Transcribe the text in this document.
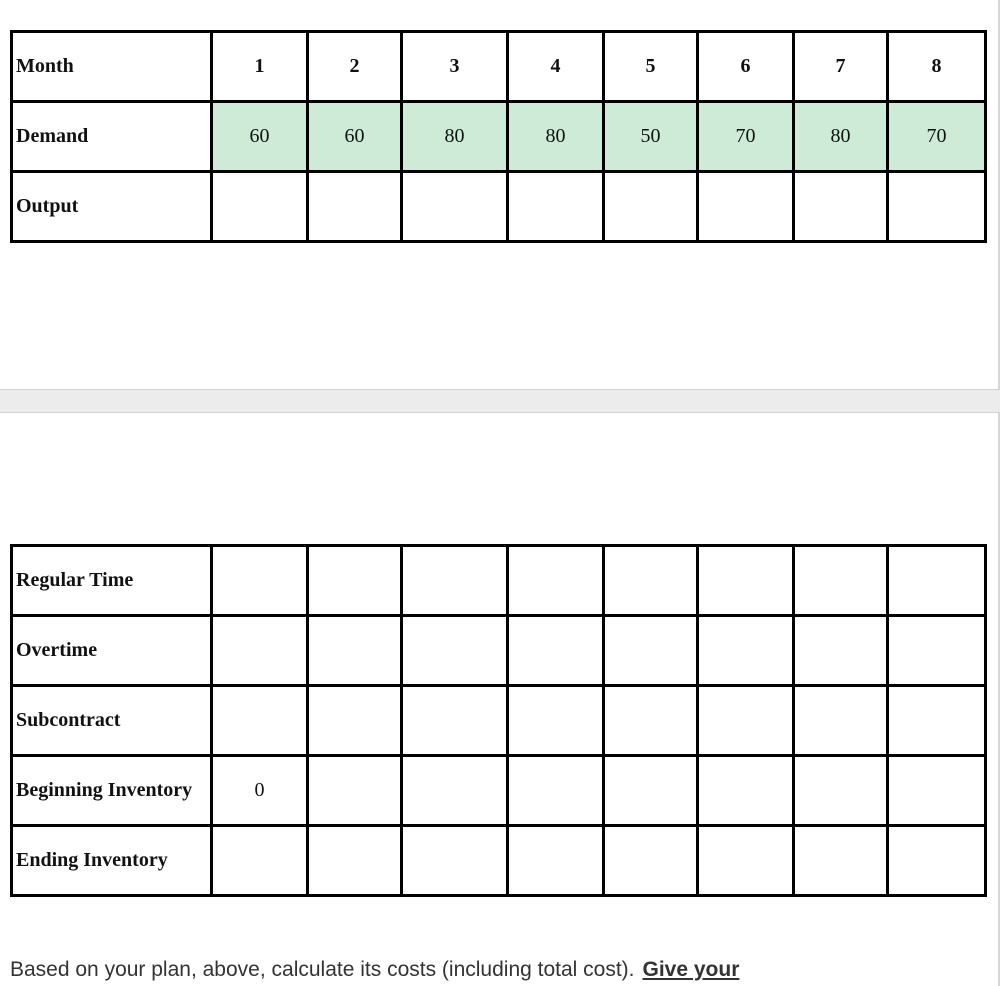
Month	1	2	3	4	5	6	7	8
Demand	60	60	80	80	50	70	80	70
Output								
Regular Time								
Overtime								
Subcontract								
Beginning Inventory	0							
Ending Inventory								
Based on your plan, above, calculate its costs (including total cost). Give your
